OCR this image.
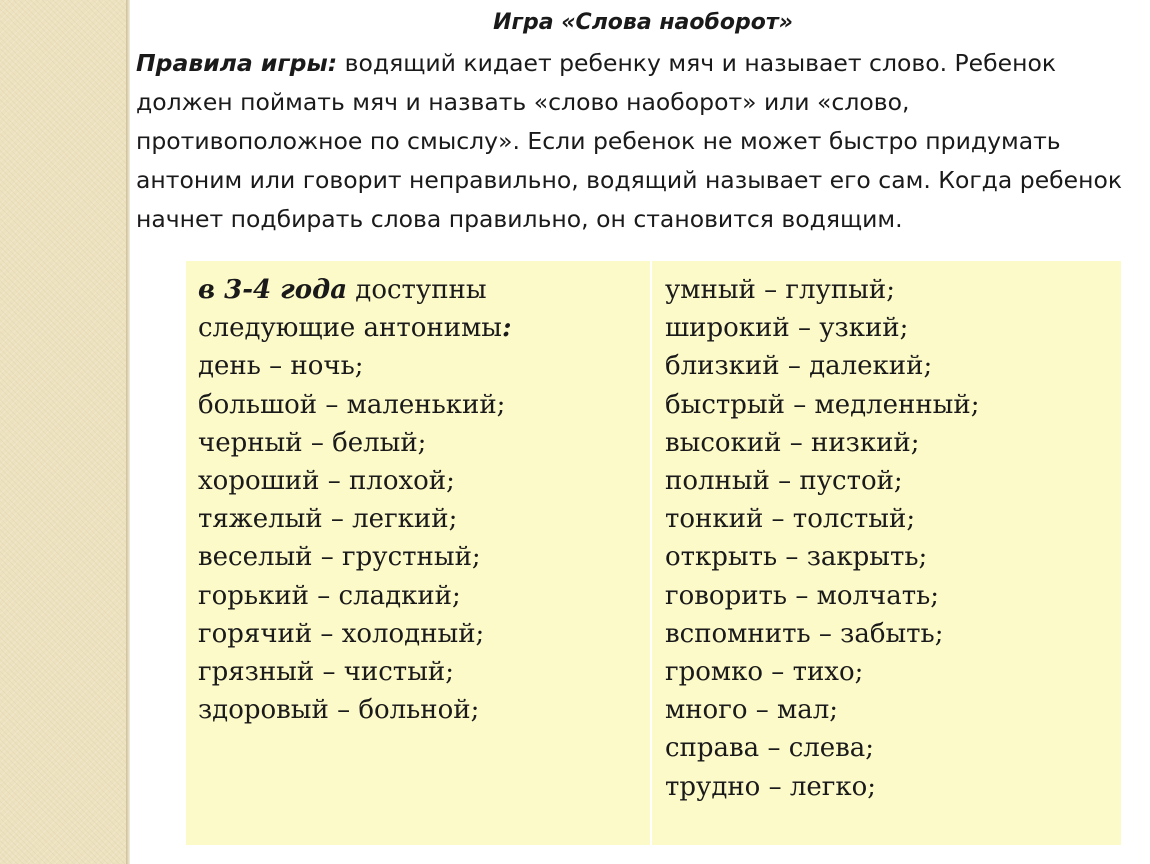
Игра «Слова наоборот»

Правила игры: водящий кидает ребенку мяч и называет слово. Ребенок должен поймать мяч и назвать «слово наоборот» или «слово, противоположное по смыслу». Если ребенок не может быстро придумать антоним или говорит неправильно, водящий называет его сам. Когда ребенок начнет подбирать слова правильно, он становится водящим.

в 3-4 года доступны
следующие антонимы:
день – ночь;
большой – маленький;
черный – белый;
хороший – плохой;
тяжелый – легкий;
веселый – грустный;
горький – сладкий;
горячий – холодный;
грязный – чистый;
здоровый – больной;
умный – глупый;
широкий – узкий;
близкий – далекий;
быстрый – медленный;
высокий – низкий;
полный – пустой;
тонкий – толстый;
открыть – закрыть;
говорить – молчать;
вспомнить – забыть;
громко – тихо;
много – мал;
справа – слева;
трудно – легко;
